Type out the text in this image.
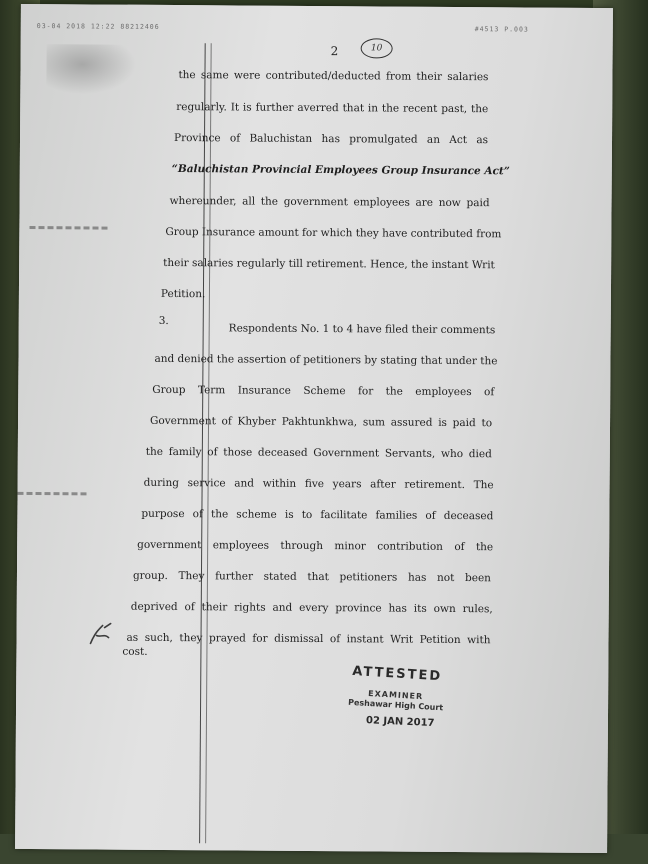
03-04 2018 12:22 88212406	#4513 P.003
2	10
the same were contributed/deducted from their salaries
regularly. It is further averred that in the recent past, the
Province of Baluchistan has promulgated an Act as
“Baluchistan Provincial Employees Group Insurance Act”
whereunder, all the government employees are now paid
Group Insurance amount for which they have contributed from
their salaries regularly till retirement. Hence, the instant Writ
Petition.
3.
Respondents No. 1 to 4 have filed their comments
and denied the assertion of petitioners by stating that under the
Group Term Insurance Scheme for the employees of
Government of Khyber Pakhtunkhwa, sum assured is paid to
the family of those deceased Government Servants, who died
during service and within five years after retirement. The
purpose of the scheme is to facilitate families of deceased
government employees through minor contribution of the
group. They further stated that petitioners has not been
deprived of their rights and every province has its own rules,
as such, they prayed for dismissal of instant Writ Petition with
cost.
ATTESTED
EXAMINER
Peshawar High Court
02 JAN 2017
